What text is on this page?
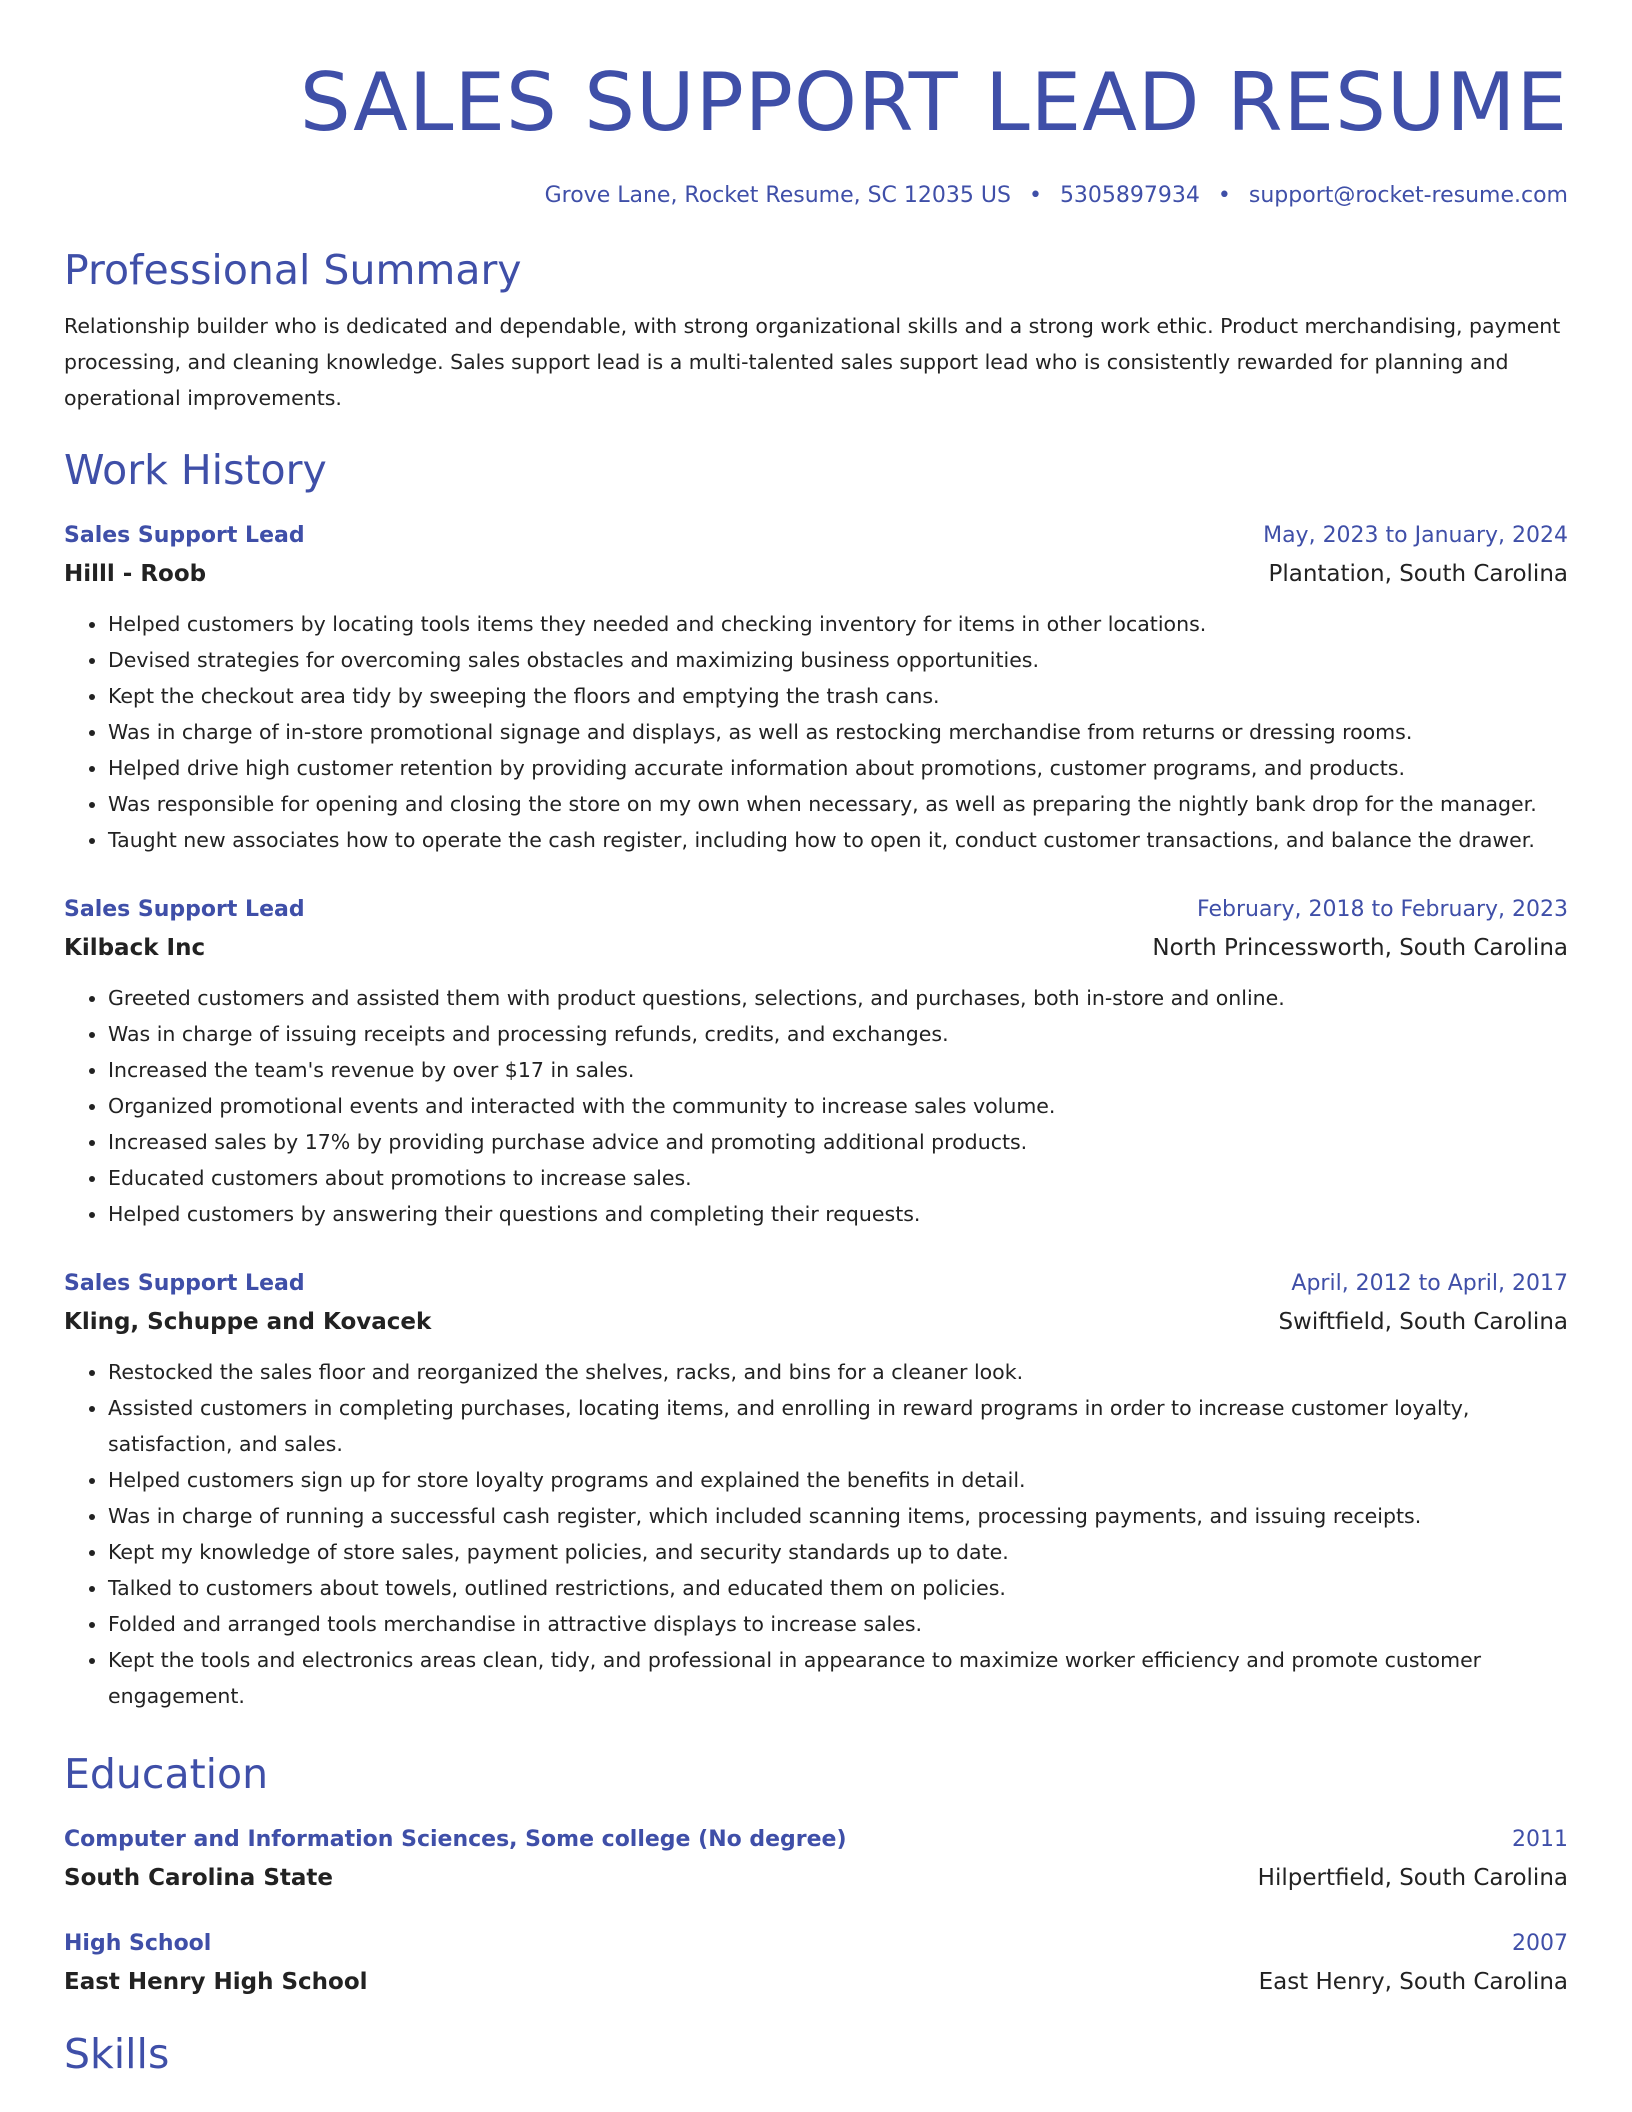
SALES SUPPORT LEAD RESUME
Grove Lane, Rocket Resume, SC 12035 US • 5305897934 • support@rocket-resume.com
Professional Summary
Relationship builder who is dedicated and dependable, with strong organizational skills and a strong work ethic. Product merchandising, payment processing, and cleaning knowledge. Sales support lead is a multi-talented sales support lead who is consistently rewarded for planning and operational improvements.
Work History
Sales Support Lead	May, 2023 to January, 2024
Hilll - Roob	Plantation, South Carolina
• Helped customers by locating tools items they needed and checking inventory for items in other locations.
• Devised strategies for overcoming sales obstacles and maximizing business opportunities.
• Kept the checkout area tidy by sweeping the floors and emptying the trash cans.
• Was in charge of in-store promotional signage and displays, as well as restocking merchandise from returns or dressing rooms.
• Helped drive high customer retention by providing accurate information about promotions, customer programs, and products.
• Was responsible for opening and closing the store on my own when necessary, as well as preparing the nightly bank drop for the manager.
• Taught new associates how to operate the cash register, including how to open it, conduct customer transactions, and balance the drawer.
Sales Support Lead	February, 2018 to February, 2023
Kilback Inc	North Princessworth, South Carolina
• Greeted customers and assisted them with product questions, selections, and purchases, both in-store and online.
• Was in charge of issuing receipts and processing refunds, credits, and exchanges.
• Increased the team's revenue by over $17 in sales.
• Organized promotional events and interacted with the community to increase sales volume.
• Increased sales by 17% by providing purchase advice and promoting additional products.
• Educated customers about promotions to increase sales.
• Helped customers by answering their questions and completing their requests.
Sales Support Lead	April, 2012 to April, 2017
Kling, Schuppe and Kovacek	Swiftfield, South Carolina
• Restocked the sales floor and reorganized the shelves, racks, and bins for a cleaner look.
• Assisted customers in completing purchases, locating items, and enrolling in reward programs in order to increase customer loyalty, satisfaction, and sales.
• Helped customers sign up for store loyalty programs and explained the benefits in detail.
• Was in charge of running a successful cash register, which included scanning items, processing payments, and issuing receipts.
• Kept my knowledge of store sales, payment policies, and security standards up to date.
• Talked to customers about towels, outlined restrictions, and educated them on policies.
• Folded and arranged tools merchandise in attractive displays to increase sales.
• Kept the tools and electronics areas clean, tidy, and professional in appearance to maximize worker efficiency and promote customer engagement.
Education
Computer and Information Sciences, Some college (No degree)	2011
South Carolina State	Hilpertfield, South Carolina
High School	2007
East Henry High School	East Henry, South Carolina
Skills
